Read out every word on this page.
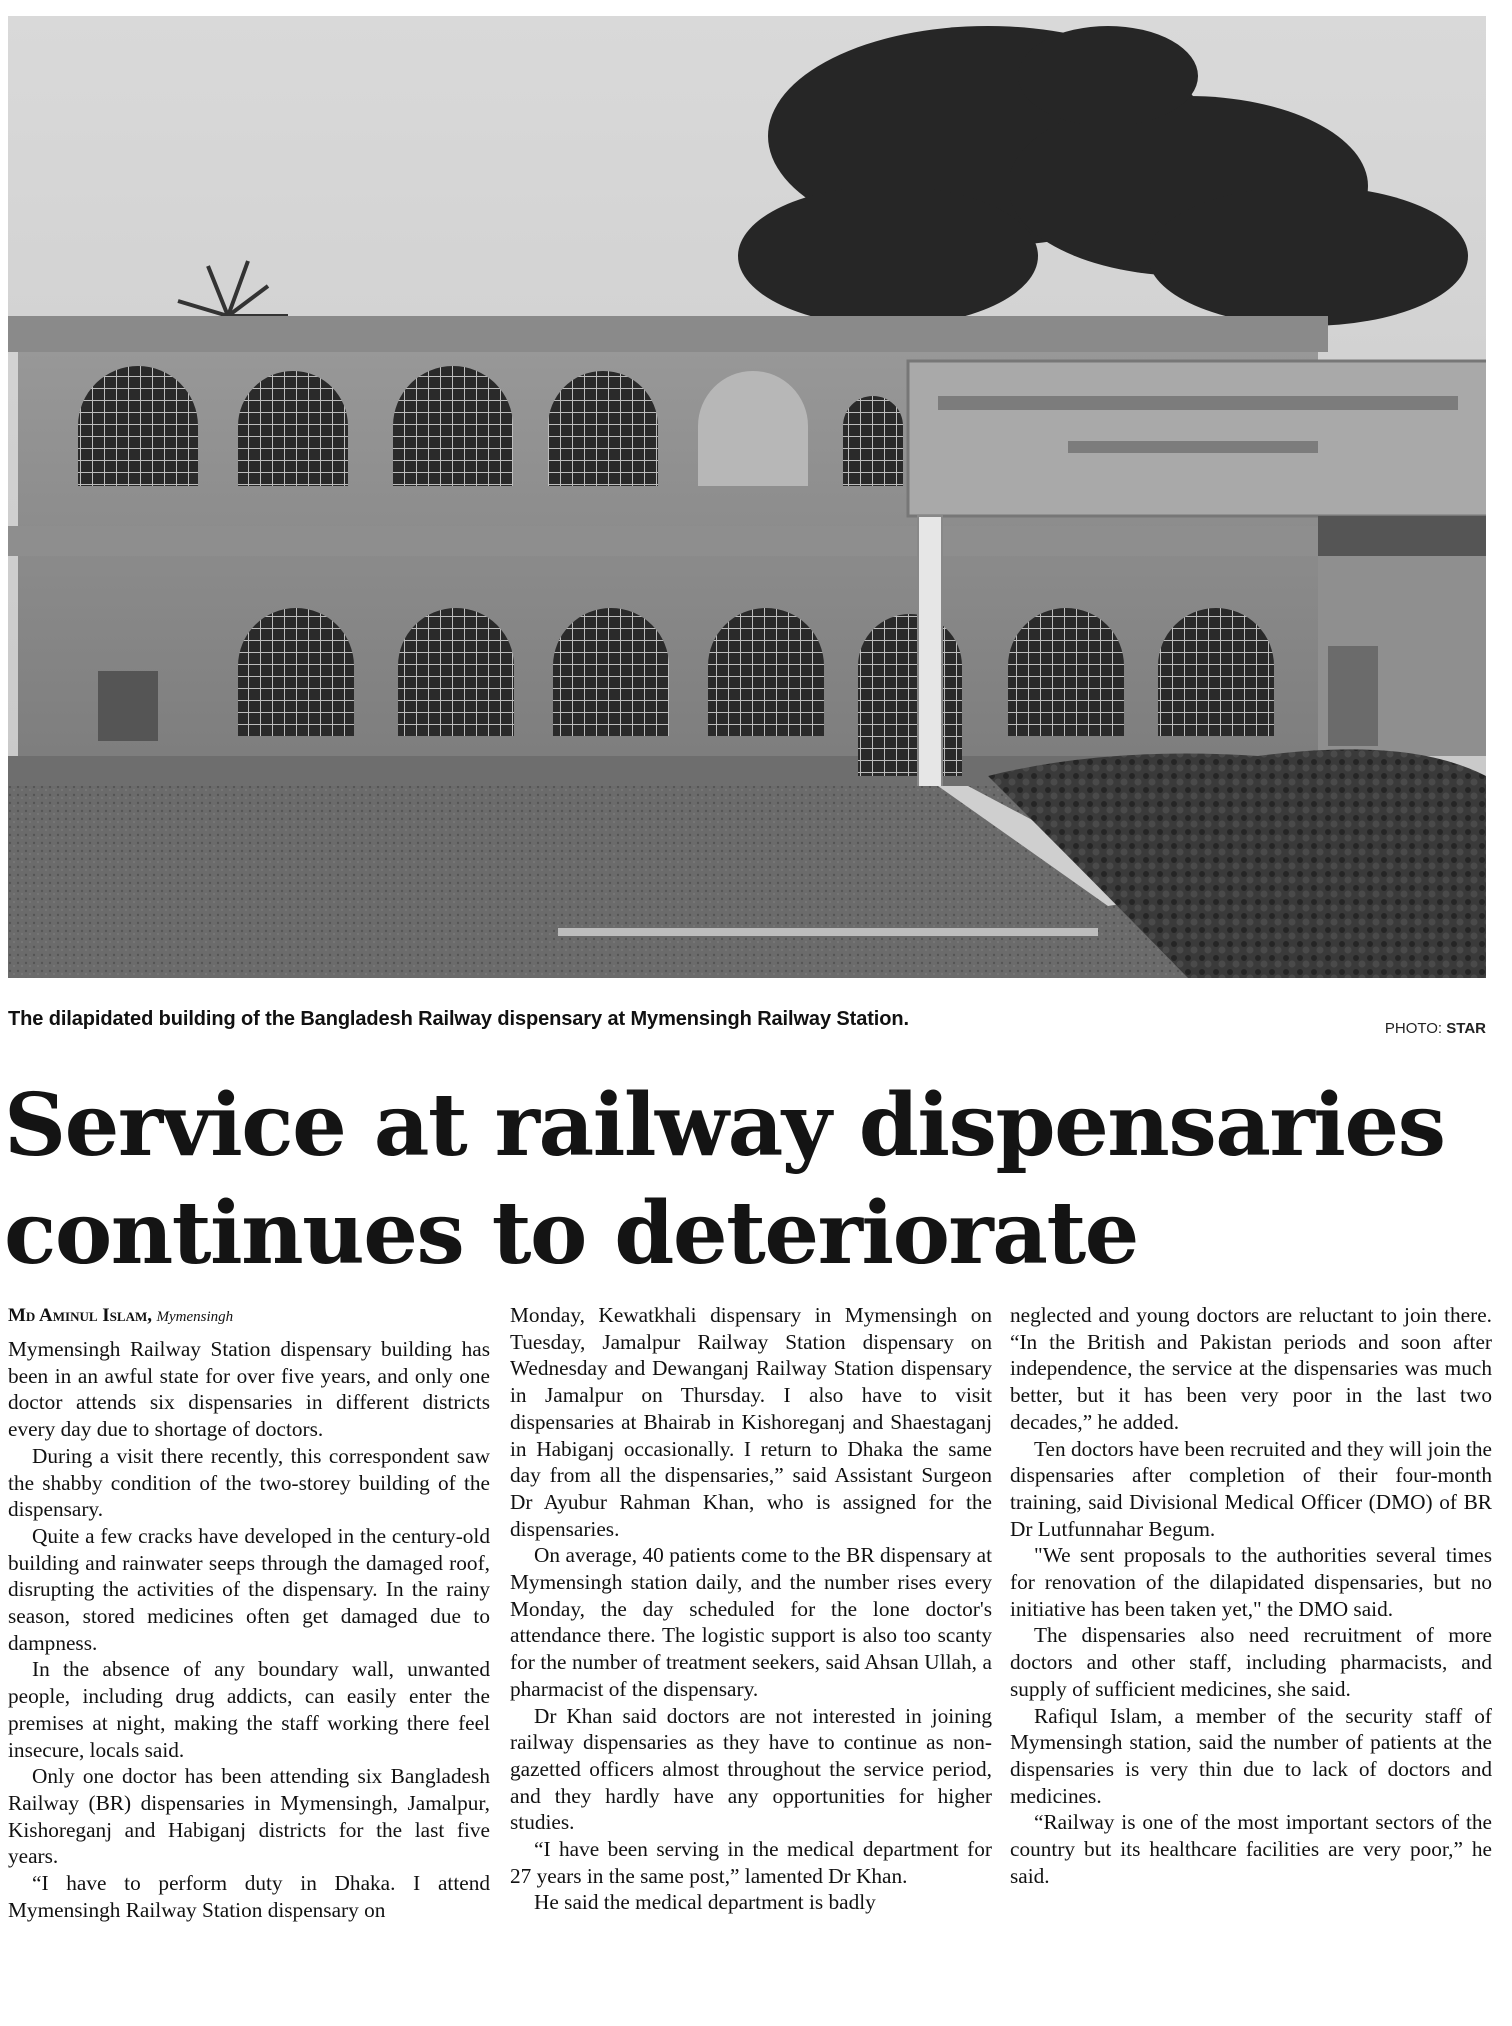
The dilapidated building of the Bangladesh Railway dispensary at Mymensingh Railway Station.	PHOTO: STAR
Service at railway dispensaries
continues to deteriorate
Md Aminul Islam, Mymensingh

Mymensingh Railway Station dispensary building has been in an awful state for over five years, and only one doctor attends six dispensaries in different districts every day due to shortage of doctors.

During a visit there recently, this correspondent saw the shabby condition of the two-storey building of the dispensary.

Quite a few cracks have developed in the century-old building and rainwater seeps through the damaged roof, disrupting the activities of the dispensary. In the rainy season, stored medicines often get damaged due to dampness.

In the absence of any boundary wall, unwanted people, including drug addicts, can easily enter the premises at night, making the staff working there feel insecure, locals said.

Only one doctor has been attending six Bangladesh Railway (BR) dispensaries in Mymensingh, Jamalpur, Kishoreganj and Habiganj districts for the last five years.

“I have to perform duty in Dhaka. I attend Mymensingh Railway Station dispensary on

Monday, Kewatkhali dispensary in Mymensingh on Tuesday, Jamalpur Railway Station dispensary on Wednesday and Dewanganj Railway Station dispensary in Jamalpur on Thursday. I also have to visit dispensaries at Bhairab in Kishoreganj and Shaestaganj in Habiganj occasionally. I return to Dhaka the same day from all the dispensaries,” said Assistant Surgeon Dr Ayubur Rahman Khan, who is assigned for the dispensaries.

On average, 40 patients come to the BR dispensary at Mymensingh station daily, and the number rises every Monday, the day scheduled for the lone doctor's attendance there. The logistic support is also too scanty for the number of treatment seekers, said Ahsan Ullah, a pharmacist of the dispensary.

Dr Khan said doctors are not interested in joining railway dispensaries as they have to continue as non-gazetted officers almost throughout the service period, and they hardly have any opportunities for higher studies.

“I have been serving in the medical department for 27 years in the same post,” lamented Dr Khan.

He said the medical department is badly

neglected and young doctors are reluctant to join there. “In the British and Pakistan periods and soon after independence, the service at the dispensaries was much better, but it has been very poor in the last two decades,” he added.

Ten doctors have been recruited and they will join the dispensaries after completion of their four-month training, said Divisional Medical Officer (DMO) of BR Dr Lutfunnahar Begum.

"We sent proposals to the authorities several times for renovation of the dilapidated dispensaries, but no initiative has been taken yet," the DMO said.

The dispensaries also need recruitment of more doctors and other staff, including pharmacists, and supply of sufficient medicines, she said.

Rafiqul Islam, a member of the security staff of Mymensingh station, said the number of patients at the dispensaries is very thin due to lack of doctors and medicines.

“Railway is one of the most important sectors of the country but its healthcare facilities are very poor,” he said.
